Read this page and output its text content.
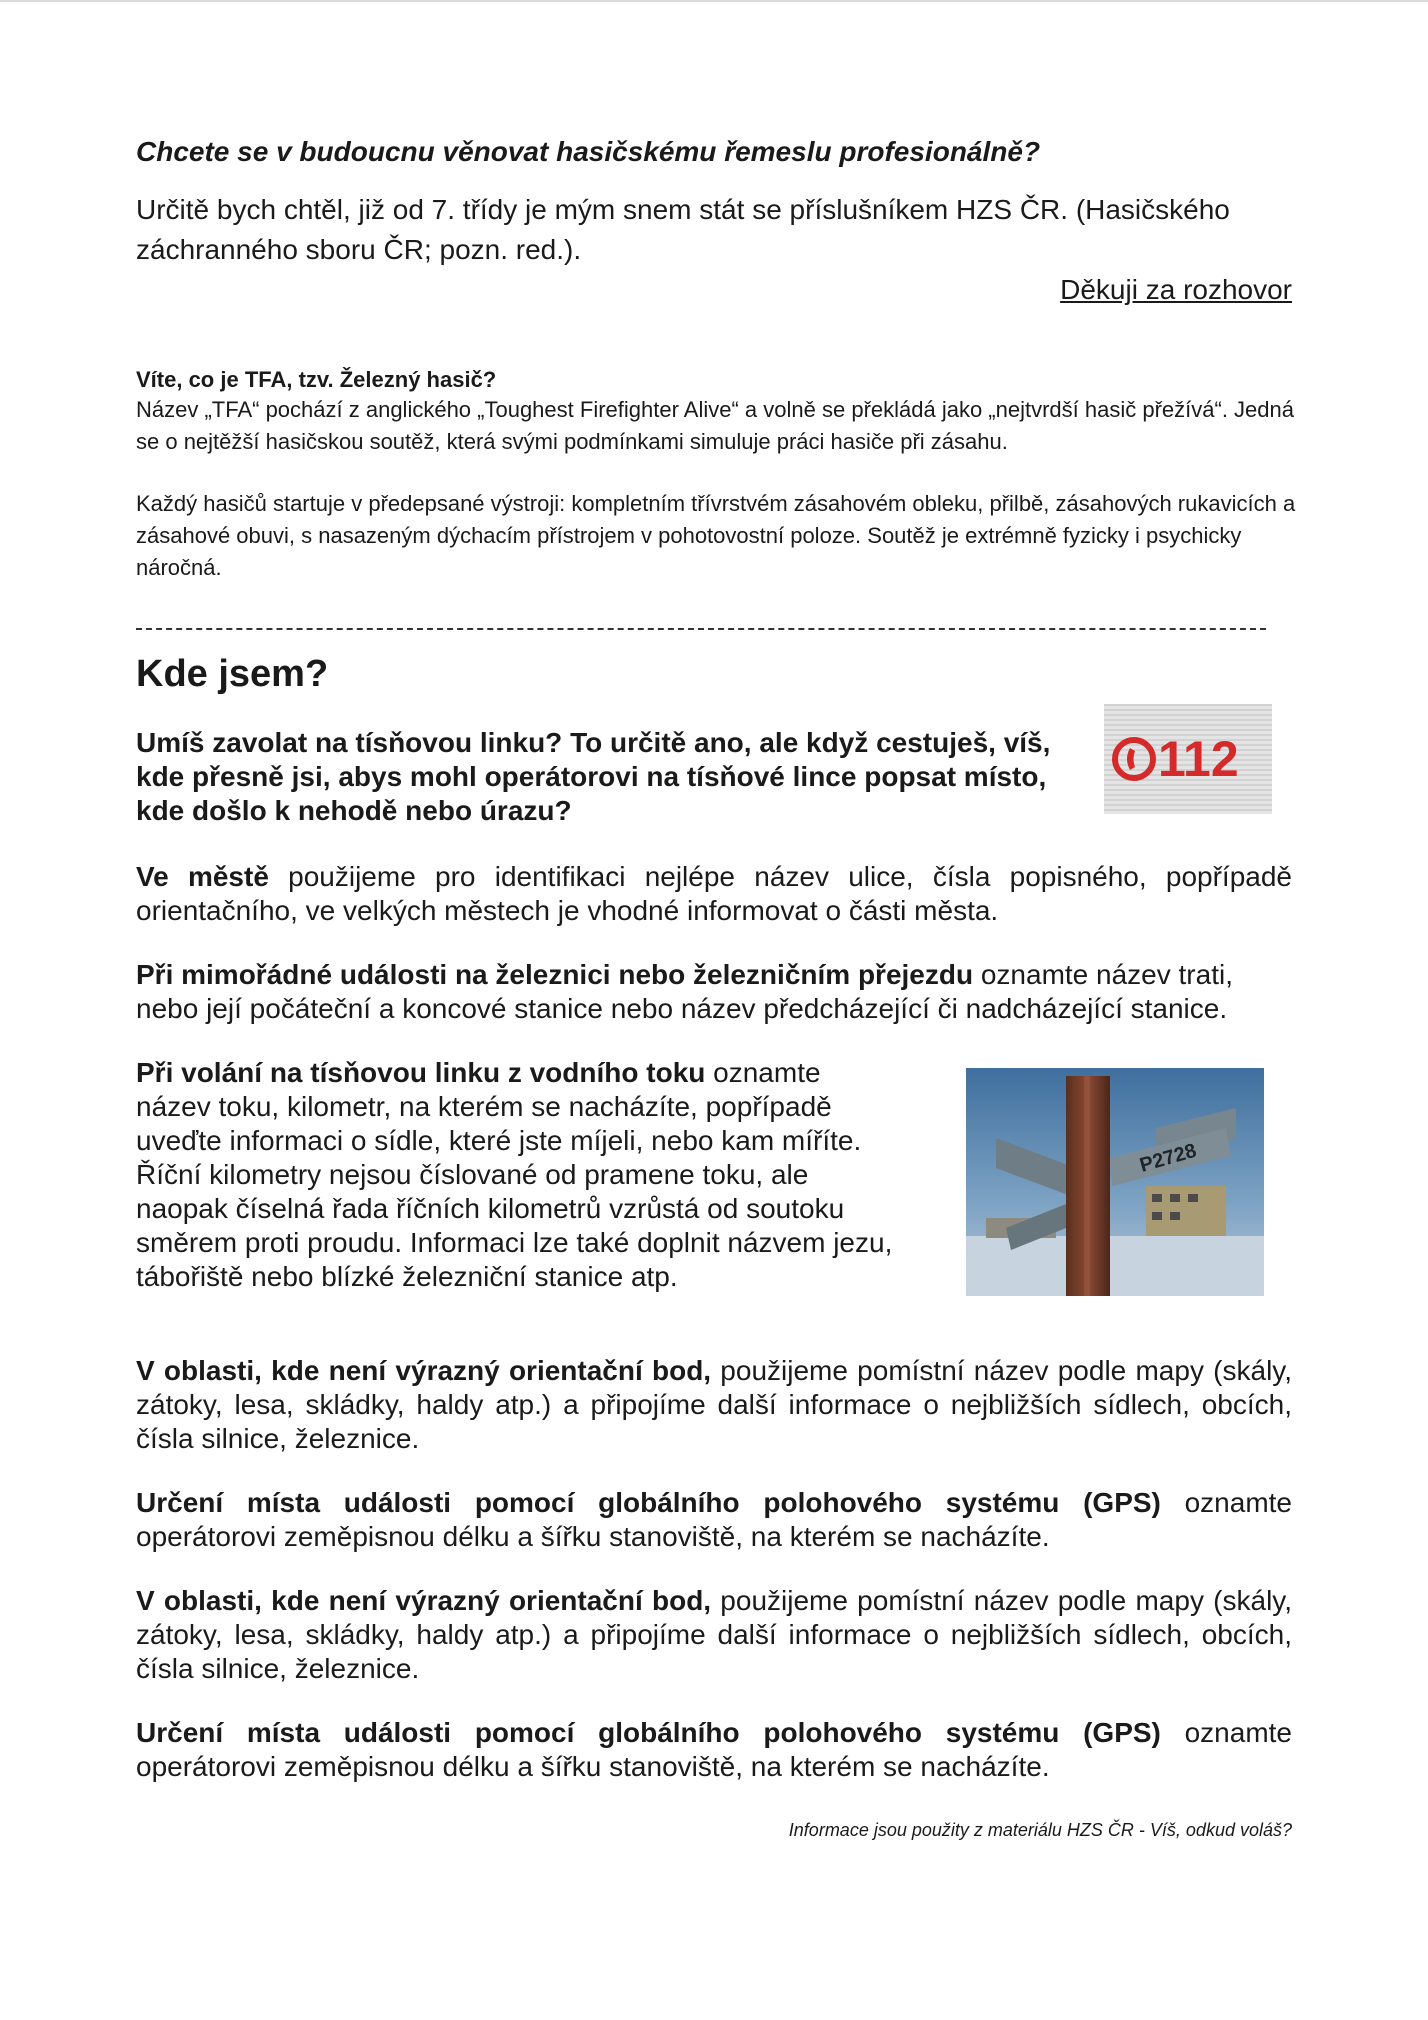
Chcete se v budoucnu věnovat hasičskému řemeslu profesionálně?

Určitě bych chtěl, již od 7. třídy je mým snem stát se příslušníkem HZS ČR. (Hasičského záchranného sboru ČR; pozn. red.).

Děkuji za rozhovor

Víte, co je TFA, tzv. Železný hasič?

Název „TFA“ pochází z anglického „Toughest Firefighter Alive“ a volně se překládá jako „nejtvrdší hasič přežívá“. Jedná se o nejtěžší hasičskou soutěž, která svými podmínkami simuluje práci hasiče při zásahu.

Každý hasičů startuje v předepsané výstroji: kompletním třívrstvém zásahovém obleku, přilbě, zásahových rukavicích a zásahové obuvi, s nasazeným dýchacím přístrojem v pohotovostní poloze. Soutěž je extrémně fyzicky i psychicky náročná.

Kde jsem?

Umíš zavolat na tísňovou linku? To určitě ano, ale když cestuješ, víš, kde přesně jsi, abys mohl operátorovi na tísňové lince popsat místo, kde došlo k nehodě nebo úrazu?

112

Ve městě použijeme pro identifikaci nejlépe název ulice, čísla popisného, popřípadě orientačního, ve velkých městech je vhodné informovat o části města.

Při mimořádné události na železnici nebo železničním přejezdu oznamte název trati, nebo její počáteční a koncové stanice nebo název předcházející či nadcházející stanice.

Při volání na tísňovou linku z vodního toku oznamte název toku, kilometr, na kterém se nacházíte, popřípadě uveďte informaci o sídle, které jste míjeli, nebo kam míříte. Říční kilometry nejsou číslované od pramene toku, ale naopak číselná řada říčních kilometrů vzrůstá od soutoku směrem proti proudu. Informaci lze také doplnit názvem jezu, tábořiště nebo blízké železniční stanice atp.

P2728

V oblasti, kde není výrazný orientační bod, použijeme pomístní název podle mapy (skály, zátoky, lesa, skládky, haldy atp.) a připojíme další informace o nejbližších sídlech, obcích, čísla silnice, železnice.

Určení místa události pomocí globálního polohového systému (GPS) oznamte operátorovi zeměpisnou délku a šířku stanoviště, na kterém se nacházíte.

V oblasti, kde není výrazný orientační bod, použijeme pomístní název podle mapy (skály, zátoky, lesa, skládky, haldy atp.) a připojíme další informace o nejbližších sídlech, obcích, čísla silnice, železnice.

Určení místa události pomocí globálního polohového systému (GPS) oznamte operátorovi zeměpisnou délku a šířku stanoviště, na kterém se nacházíte.

Informace jsou použity z materiálu HZS ČR - Víš, odkud voláš?
